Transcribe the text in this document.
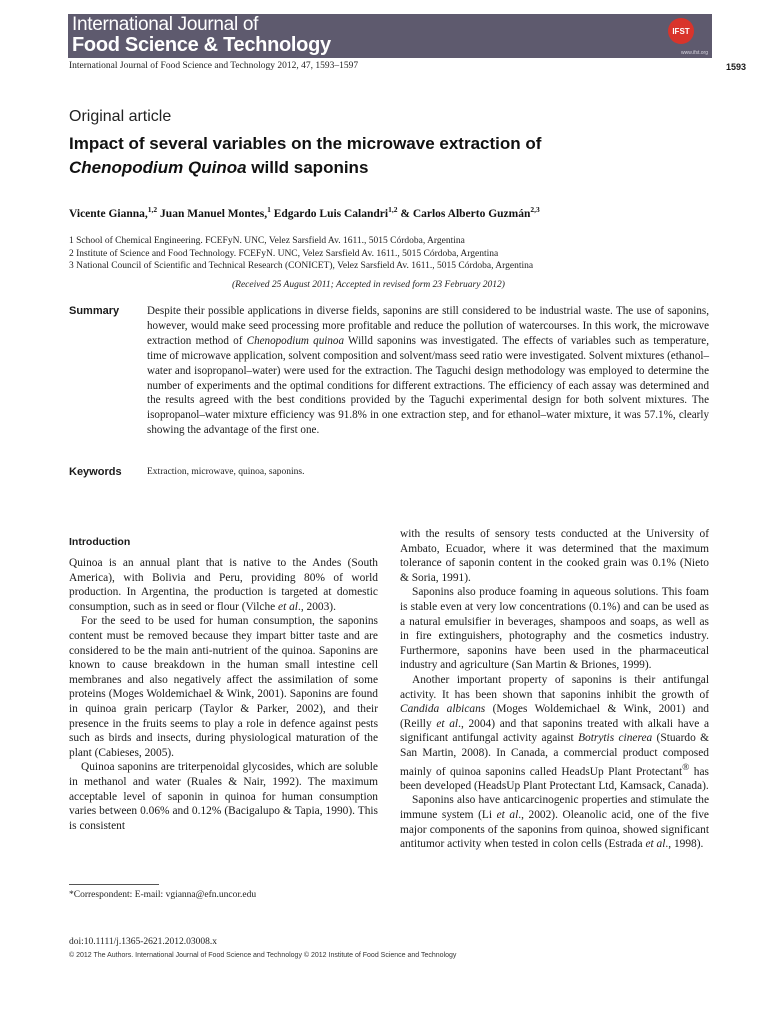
International Journal of
Food Science & Technology
IFST
www.ifst.org
International Journal of Food Science and Technology 2012, 47, 1593–1597	1593
Original article
Impact of several variables on the microwave extraction of
Chenopodium Quinoa willd saponins
Vicente Gianna,$^{1,2}$ Juan Manuel Montes,$^1$ Edgardo Luis Calandri$^{1,2}$ & Carlos Alberto Guzmán$^{2,3}$
1 School of Chemical Engineering. FCEFyN. UNC, Velez Sarsfield Av. 1611., 5015 Córdoba, Argentina
2 Institute of Science and Food Technology. FCEFyN. UNC, Velez Sarsfield Av. 1611., 5015 Córdoba, Argentina
3 National Council of Scientific and Technical Research (CONICET), Velez Sarsfield Av. 1611., 5015 Córdoba, Argentina
(Received 25 August 2011; Accepted in revised form 23 February 2012)
Summary	Despite their possible applications in diverse fields, saponins are still considered to be industrial waste. The use of saponins, however, would make seed processing more profitable and reduce the pollution of watercourses. In this work, the microwave extraction method of Chenopodium quinoa Willd saponins was investigated. The effects of variables such as temperature, time of microwave application, solvent composition and solvent/mass seed ratio were investigated. Solvent mixtures (ethanol–water and isopropanol–water) were used for the extraction. The Taguchi design methodology was employed to determine the number of experiments and the optimal conditions for different extractions. The efficiency of each assay was determined and the results agreed with the best conditions provided by the Taguchi experimental design for both solvent mixtures. The isopropanol–water mixture efficiency was 91.8% in one extraction step, and for ethanol–water mixture, it was 57.1%, clearly showing the advantage of the first one.
Keywords	Extraction, microwave, quinoa, saponins.
Introduction

Quinoa is an annual plant that is native to the Andes (South America), with Bolivia and Peru, providing 80% of world production. In Argentina, the production is targeted at domestic consumption, such as in seed or flour (Vilche et al., 2003).

For the seed to be used for human consumption, the saponins content must be removed because they impart bitter taste and are considered to be the main anti-nutrient of the quinoa. Saponins are known to cause breakdown in the human small intestine cell membranes and also negatively affect the assimilation of some proteins (Moges Woldemichael & Wink, 2001). Saponins are found in quinoa grain pericarp (Taylor & Parker, 2002), and their presence in the fruits seems to play a role in defence against pests such as birds and insects, during physiological maturation of the plant (Cabieses, 2005).

Quinoa saponins are triterpenoidal glycosides, which are soluble in methanol and water (Ruales & Nair, 1992). The maximum acceptable level of saponin in quinoa for human consumption varies between 0.06% and 0.12% (Bacigalupo & Tapia, 1990). This is consistent

with the results of sensory tests conducted at the University of Ambato, Ecuador, where it was determined that the maximum tolerance of saponin content in the cooked grain was 0.1% (Nieto & Soria, 1991).

Saponins also produce foaming in aqueous solutions. This foam is stable even at very low concentrations (0.1%) and can be used as a natural emulsifier in beverages, shampoos and soaps, as well as in fire extinguishers, photography and the cosmetics industry. Furthermore, saponins have been used in the pharmaceutical industry and agriculture (San Martin & Briones, 1999).

Another important property of saponins is their antifungal activity. It has been shown that saponins inhibit the growth of Candida albicans (Moges Woldemichael & Wink, 2001) and (Reilly et al., 2004) and that saponins treated with alkali have a significant antifungal activity against Botrytis cinerea (Stuardo & San Martin, 2008). In Canada, a commercial product composed mainly of quinoa saponins called HeadsUp Plant Protectant® has been developed (HeadsUp Plant Protectant Ltd, Kamsack, Canada).

Saponins also have anticarcinogenic properties and stimulate the immune system (Li et al., 2002). Oleanolic acid, one of the five major components of the saponins from quinoa, showed significant antitumor activity when tested in colon cells (Estrada et al., 1998).

*Correspondent: E-mail: vgianna@efn.uncor.edu
doi:10.1111/j.1365-2621.2012.03008.x
© 2012 The Authors. International Journal of Food Science and Technology © 2012 Institute of Food Science and Technology
